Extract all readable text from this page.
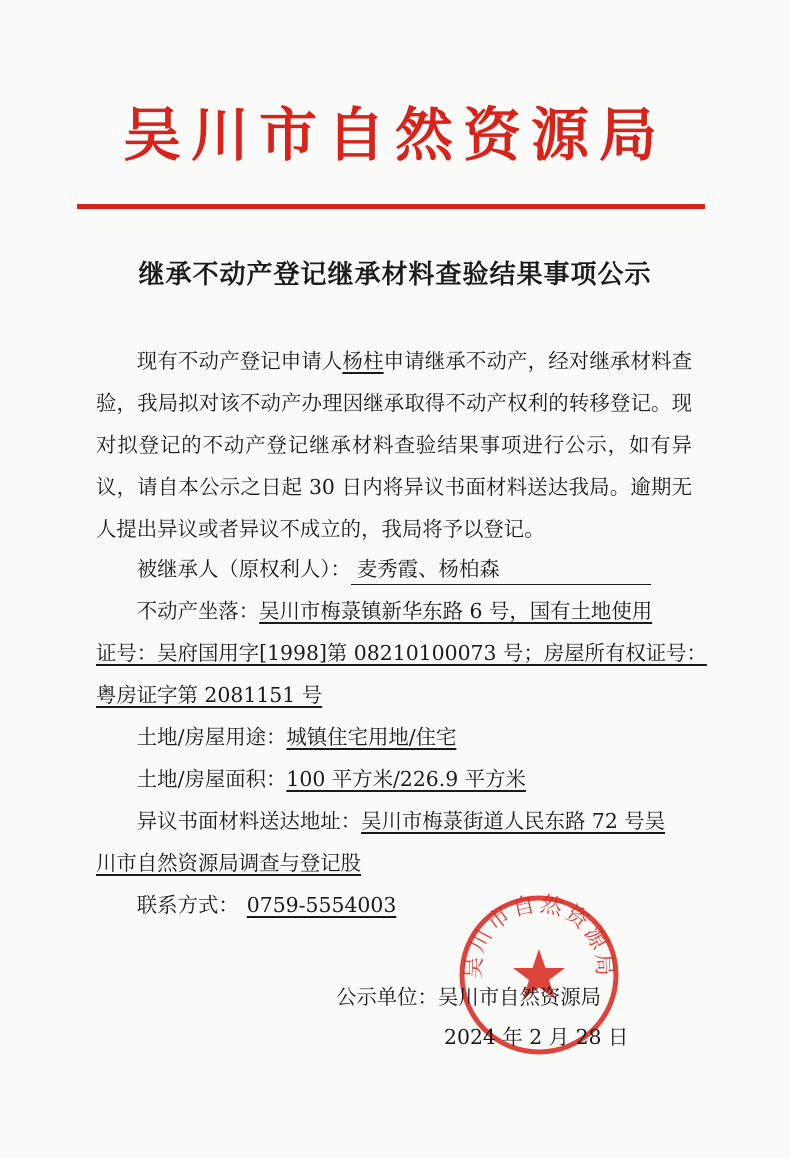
吴川市自然资源局
继承不动产登记继承材料查验结果事项公示
现有不动产登记申请人杨柱申请继承不动产，经对继承材料查验，我局拟对该不动产办理因继承取得不动产权利的转移登记。现对拟登记的不动产登记继承材料查验结果事项进行公示，如有异议，请自本公示之日起 30 日内将异议书面材料送达我局。逾期无人提出异议或者异议不成立的，我局将予以登记。
被继承人（原权利人）： 麦秀霞、杨柏森
不动产坐落：吴川市梅菉镇新华东路 6 号，国有土地使用
证号：吴府国用字[1998]第 08210100073 号；房屋所有权证号：
粤房证字第 2081151 号
土地/房屋用途：城镇住宅用地/住宅
土地/房屋面积：100 平方米/226.9 平方米
异议书面材料送达地址：吴川市梅菉街道人民东路 72 号吴
川市自然资源局调查与登记股
联系方式： 0759-5554003
吴川市自然资源局
公示单位：吴川市自然资源局
2024 年 2 月 28 日
